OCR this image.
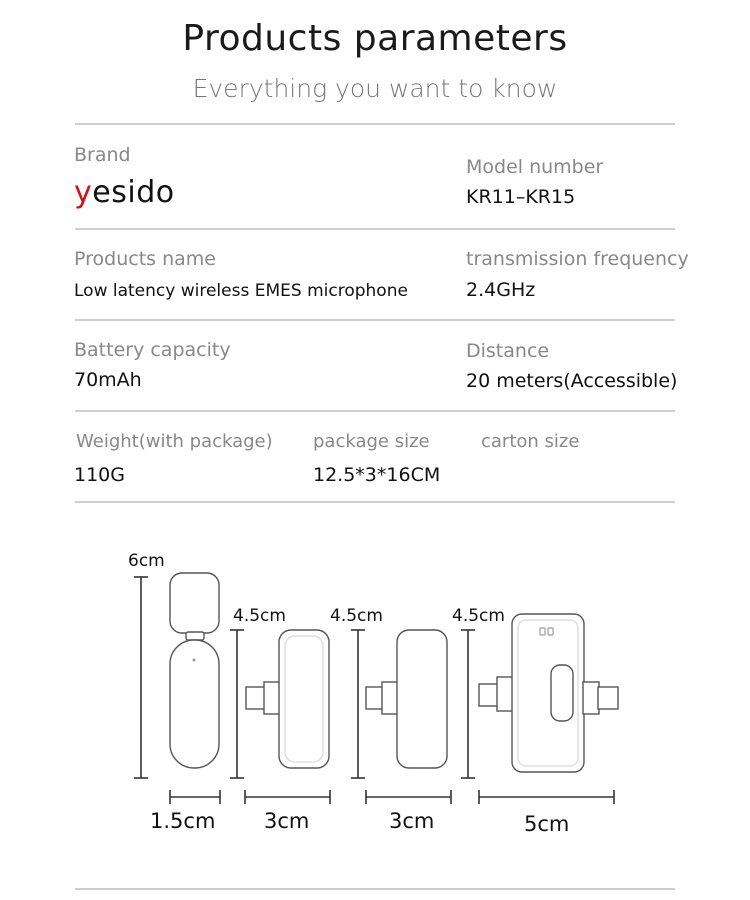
Products parameters
Everything you want to know
Brand
yesido
Model number
KR11–KR15
Products name
Low latency wireless EMES microphone
transmission frequency
2.4GHz
Battery capacity
70mAh
Distance
20 meters(Accessible)
Weight(with package)
110G
package size
12.5*3*16CM
carton size
6cm
4.5cm	4.5cm	4.5cm
1.5cm 3cm	3cm	5cm
